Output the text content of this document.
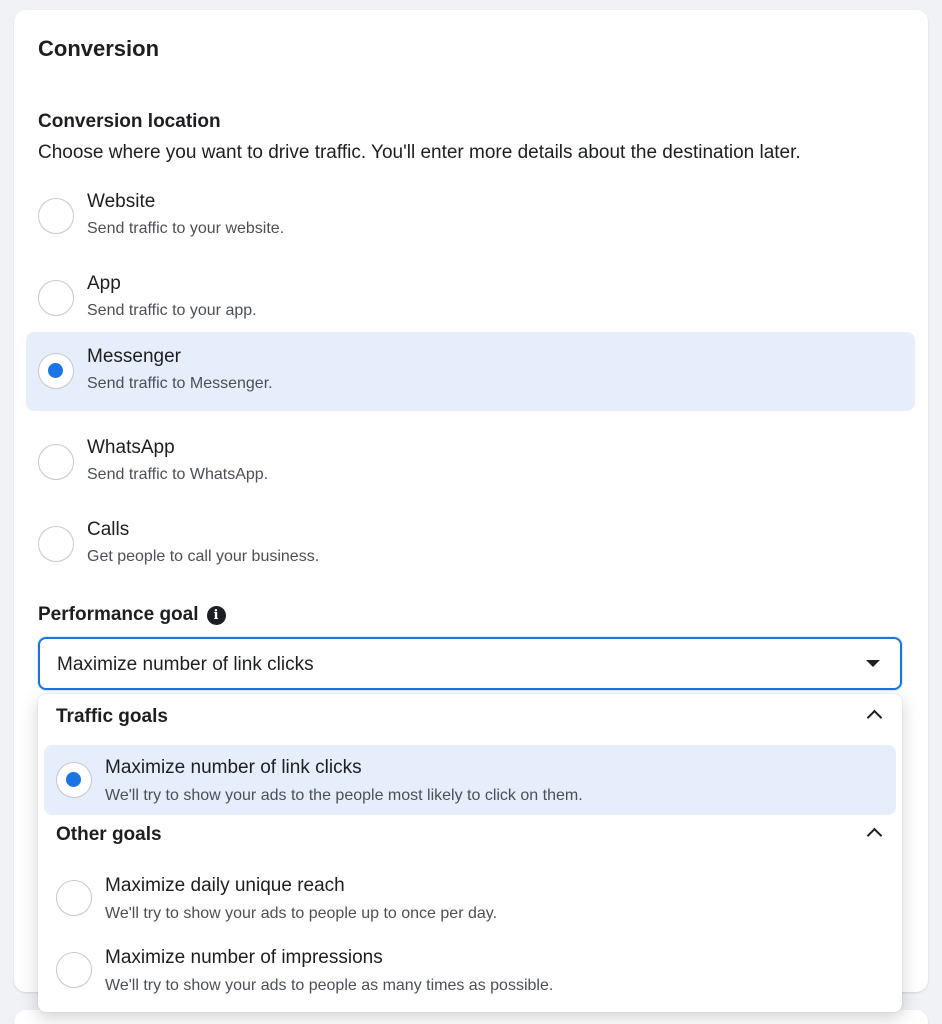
Conversion
Conversion location
Choose where you want to drive traffic. You'll enter more details about the destination later.
Website
Send traffic to your website.
App
Send traffic to your app.
Messenger
Send traffic to Messenger.
WhatsApp
Send traffic to WhatsApp.
Calls
Get people to call your business.
Performance goal	i
Maximize number of link clicks
Traffic goals
Maximize number of link clicks
We'll try to show your ads to the people most likely to click on them.
Other goals
Maximize daily unique reach
We'll try to show your ads to people up to once per day.
Maximize number of impressions
We'll try to show your ads to people as many times as possible.
